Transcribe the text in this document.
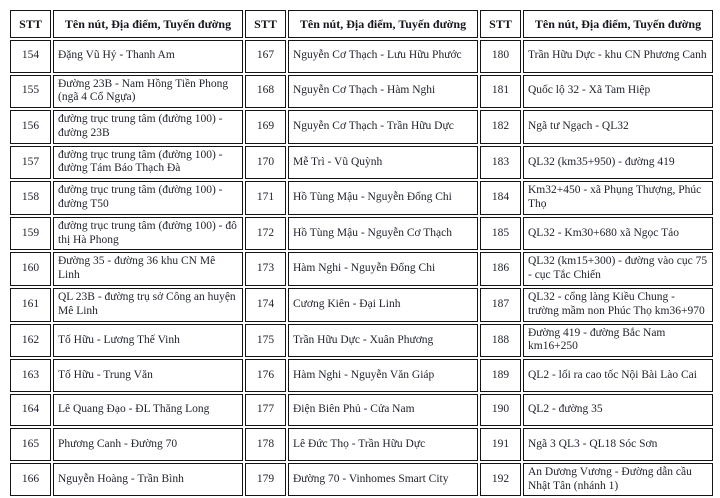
STT	Tên nút, Địa điểm, Tuyến đường	STT	Tên nút, Địa điểm, Tuyến đường	STT	Tên nút, Địa điểm, Tuyến đường
154	Đặng Vũ Hỷ - Thanh Am	167	Nguyễn Cơ Thạch - Lưu Hữu Phước	180	Trần Hữu Dực - khu CN Phương Canh
155	Đường 23B - Nam Hồng Tiền Phong (ngã 4 Cổ Ngựa)	168	Nguyễn Cơ Thạch - Hàm Nghi	181	Quốc lộ 32 - Xã Tam Hiệp
156	đường trục trung tâm (đường 100) - đường 23B	169	Nguyễn Cơ Thạch - Trần Hữu Dực	182	Ngã tư Ngạch - QL32
157	đường trục trung tâm (đường 100) - đường Tám Báo Thạch Đà	170	Mễ Trì - Vũ Quỳnh	183	QL32 (km35+950) - đường 419
158	đường trục trung tâm (đường 100) - đường T50	171	Hồ Tùng Mậu - Nguyễn Đổng Chi	184	Km32+450 - xã Phụng Thượng, Phúc Thọ
159	đường trục trung tâm (đường 100) - đô thị Hà Phong	172	Hồ Tùng Mậu - Nguyễn Cơ Thạch	185	QL32 - Km30+680 xã Ngọc Tảo
160	Đường 35 - đường 36 khu CN Mê Linh	173	Hàm Nghi - Nguyễn Đổng Chi	186	QL32 (km15+300) - đường vào cục 75 - cục Tắc Chiến
161	QL 23B - đường trụ sở Công an huyện Mê Linh	174	Cương Kiên - Đại Linh	187	QL32 - cổng làng Kiều Chung - trường mầm non Phúc Thọ km36+970
162	Tố Hữu - Lương Thế Vinh	175	Trần Hữu Dực - Xuân Phương	188	Đường 419 - đường Bắc Nam km16+250
163	Tố Hữu - Trung Văn	176	Hàm Nghi - Nguyễn Văn Giáp	189	QL2 - lối ra cao tốc Nội Bài Lào Cai
164	Lê Quang Đạo - ĐL Thăng Long	177	Điện Biên Phủ - Cửa Nam	190	QL2 - đường 35
165	Phương Canh - Đường 70	178	Lê Đức Thọ - Trần Hữu Dực	191	Ngã 3 QL3 - QL18 Sóc Sơn
166	Nguyễn Hoàng - Trần Bình	179	Đường 70 - Vinhomes Smart City	192	An Dương Vương - Đường dẫn cầu Nhật Tân (nhánh 1)
